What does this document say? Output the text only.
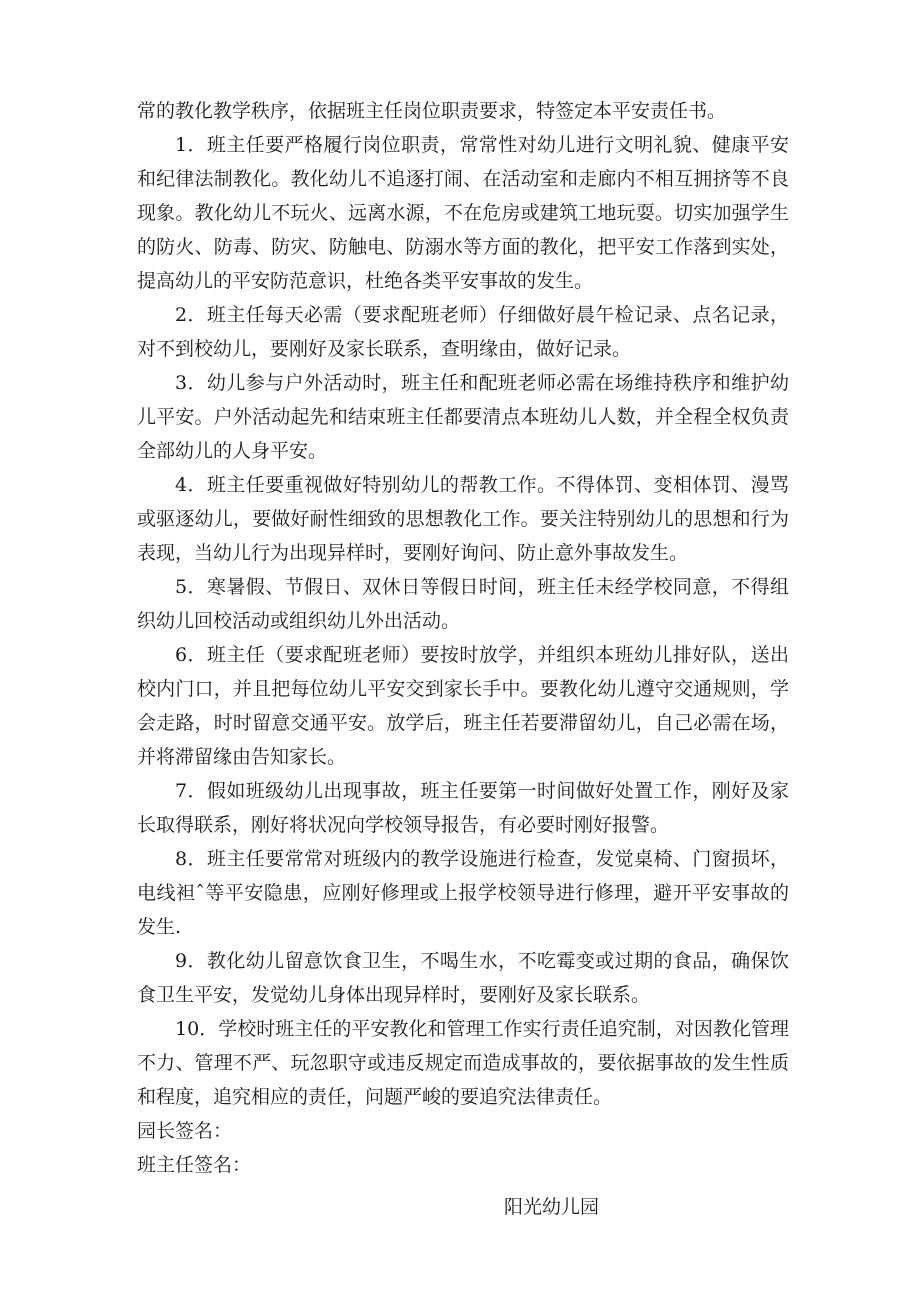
常的教化教学秩序，依据班主任岗位职责要求，特签定本平安责任书。

1．班主任要严格履行岗位职责，常常性对幼儿进行文明礼貌、健康平安和纪律法制教化。教化幼儿不追逐打闹、在活动室和走廊内不相互拥挤等不良现象。教化幼儿不玩火、远离水源，不在危房或建筑工地玩耍。切实加强学生的防火、防毒、防灾、防触电、防溺水等方面的教化，把平安工作落到实处，提高幼儿的平安防范意识，杜绝各类平安事故的发生。

2．班主任每天必需（要求配班老师）仔细做好晨午检记录、点名记录，对不到校幼儿，要刚好及家长联系，查明缘由，做好记录。

3．幼儿参与户外活动时，班主任和配班老师必需在场维持秩序和维护幼儿平安。户外活动起先和结束班主任都要清点本班幼儿人数，并全程全权负责全部幼儿的人身平安。

4．班主任要重视做好特别幼儿的帮教工作。不得体罚、变相体罚、漫骂或驱逐幼儿，要做好耐性细致的思想教化工作。要关注特别幼儿的思想和行为表现，当幼儿行为出现异样时，要刚好询问、防止意外事故发生。

5．寒暑假、节假日、双休日等假日时间，班主任未经学校同意，不得组织幼儿回校活动或组织幼儿外出活动。

6．班主任（要求配班老师）要按时放学，并组织本班幼儿排好队，送出校内门口，并且把每位幼儿平安交到家长手中。要教化幼儿遵守交通规则，学会走路，时时留意交通平安。放学后，班主任若要滞留幼儿，自己必需在场，并将滞留缘由告知家长。

7．假如班级幼儿出现事故，班主任要第一时间做好处置工作，刚好及家长取得联系，刚好将状况向学校领导报告，有必要时刚好报警。

8．班主任要常常对班级内的教学设施进行检查，发觉桌椅、门窗损坏，电线袒ˆ等平安隐患，应刚好修理或上报学校领导进行修理，避开平安事故的发生.

9．教化幼儿留意饮食卫生，不喝生水，不吃霉变或过期的食品，确保饮食卫生平安，发觉幼儿身体出现异样时，要刚好及家长联系。

10．学校时班主任的平安教化和管理工作实行责任追究制，对因教化管理不力、管理不严、玩忽职守或违反规定而造成事故的，要依据事故的发生性质和程度，追究相应的责任，问题严峻的要追究法律责任。

园长签名：

班主任签名：

阳光幼儿园
